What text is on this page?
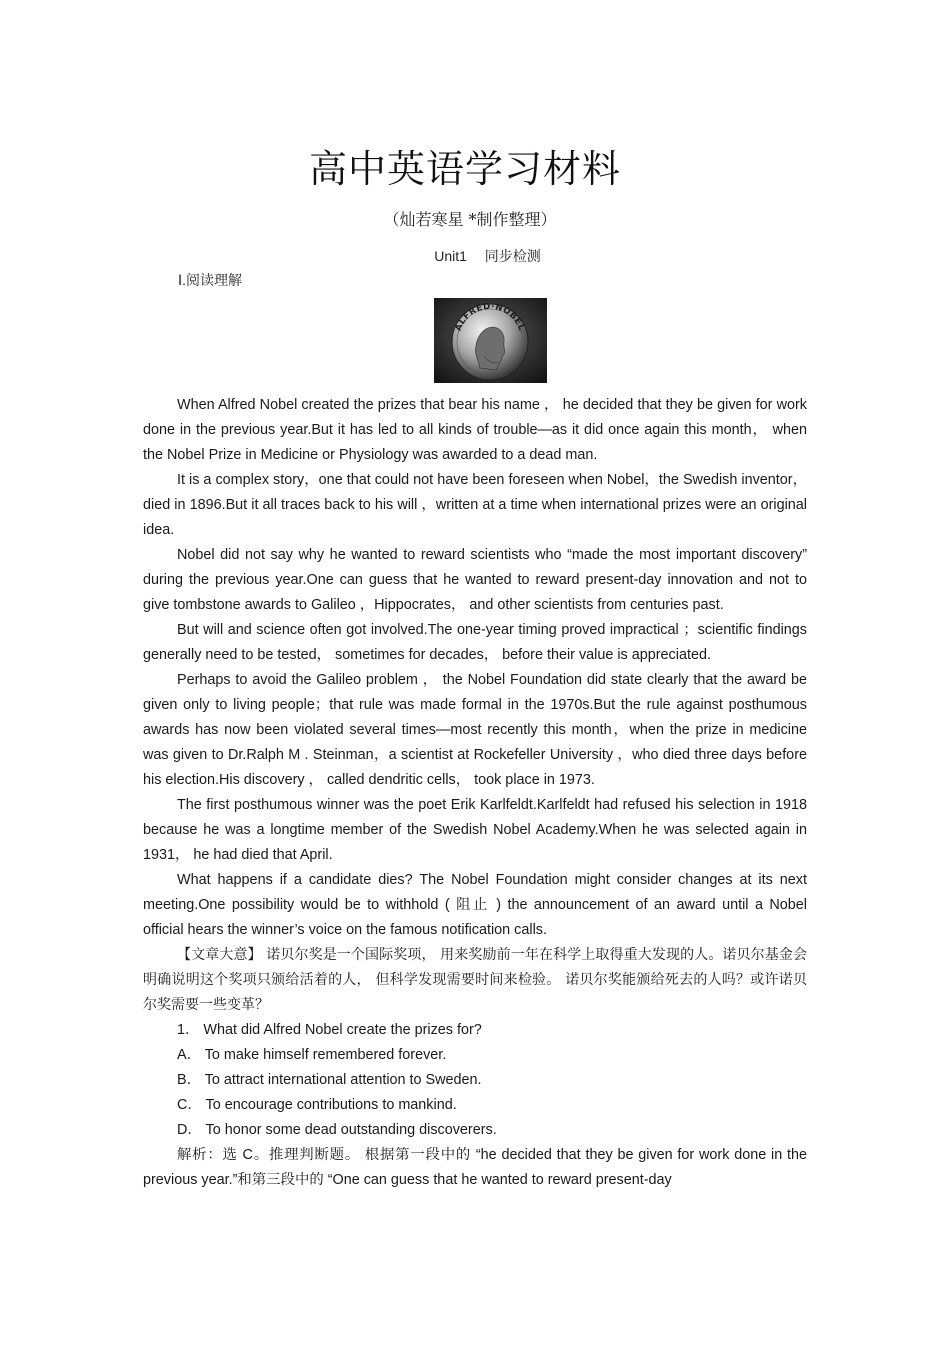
高中英语学习材料
（灿若寒星 *制作整理）
Unit1　 同步检测
Ⅰ.阅读理解
ALFRED·NOBEL

When Alfred Nobel created the prizes that bear his name ， he decided that they be given for work done in the previous year.But it has led to all kinds of trouble—as it did once again this month， when the Nobel Prize in Medicine or Physiology was awarded to a dead man.

It is a complex story，one that could not have been foreseen when Nobel，the Swedish inventor，died in 1896.But it all traces back to his will ，written at a time when international prizes were an original idea.

Nobel did not say why he wanted to reward scientists who “made the most important discovery” during the previous year.One can guess that he wanted to reward present-day innovation and not to give tombstone awards to Galileo ，Hippocrates， and other scientists from centuries past.

But will and science often got involved.The one-year timing proved impractical ；scientific findings generally need to be tested， sometimes for decades， before their value is appreciated.

Perhaps to avoid the Galileo problem ， the Nobel Foundation did state clearly that the award be given only to living people；that rule was made formal in the 1970s.But the rule against posthumous awards has now been violated several times—most recently this month，when the prize in medicine was given to Dr.Ralph M . Steinman，a scientist at Rockefeller University ，who died three days before his election.His discovery ， called dendritic cells， took place in 1973.

The first posthumous winner was the poet Erik Karlfeldt.Karlfeldt had refused his selection in 1918 because he was a longtime member of the Swedish Nobel Academy.When he was selected again in 1931， he had died that April.

What happens if a candidate dies? The Nobel Foundation might consider changes at its next meeting.One possibility would be to withhold ( 阻止 ) the announcement of an award until a Nobel official hears the winner’s voice on the famous notification calls.

【文章大意】 诺贝尔奖是一个国际奖项， 用来奖励前一年在科学上取得重大发现的人。诺贝尔基金会明确说明这个奖项只颁给活着的人， 但科学发现需要时间来检验。 诺贝尔奖能颁给死去的人吗？或许诺贝尔奖需要一些变革？

1． What did Alfred Nobel create the prizes for?

A． To make himself remembered forever.

B． To attract international attention to Sweden.

C． To encourage contributions to mankind.

D． To honor some dead outstanding discoverers.

解析：选 C。推理判断题。 根据第一段中的 “he decided that they be given for work done in the previous year.”和第三段中的 “One can guess that he wanted to reward present-day
